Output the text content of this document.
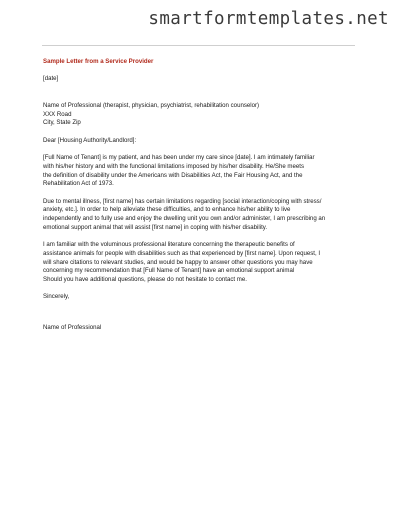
smartformtemplates.net

Sample Letter from a Service Provider

[date]

Name of Professional (therapist, physician, psychiatrist, rehabilitation counselor)

XXX Road

City, State Zip

Dear [Housing Authority/Landlord]:

[Full Name of Tenant] is my patient, and has been under my care since [date]. I am intimately familiar

with his/her history and with the functional limitations imposed by his/her disability. He/She meets

the definition of disability under the Americans with Disabilities Act, the Fair Housing Act, and the

Rehabilitation Act of 1973.

Due to mental illness, [first name] has certain limitations regarding [social interaction/coping with stress/

anxiety, etc.]. In order to help alleviate these difficulties, and to enhance his/her ability to live

independently and to fully use and enjoy the dwelling unit you own and/or administer, I am prescribing an

emotional support animal that will assist [first name] in coping with his/her disability.

I am familiar with the voluminous professional literature concerning the therapeutic benefits of

assistance animals for people with disabilities such as that experienced by [first name]. Upon request, I

will share citations to relevant studies, and would be happy to answer other questions you may have

concerning my recommendation that [Full Name of Tenant] have an emotional support animal

Should you have additional questions, please do not hesitate to contact me.

Sincerely,

Name of Professional
